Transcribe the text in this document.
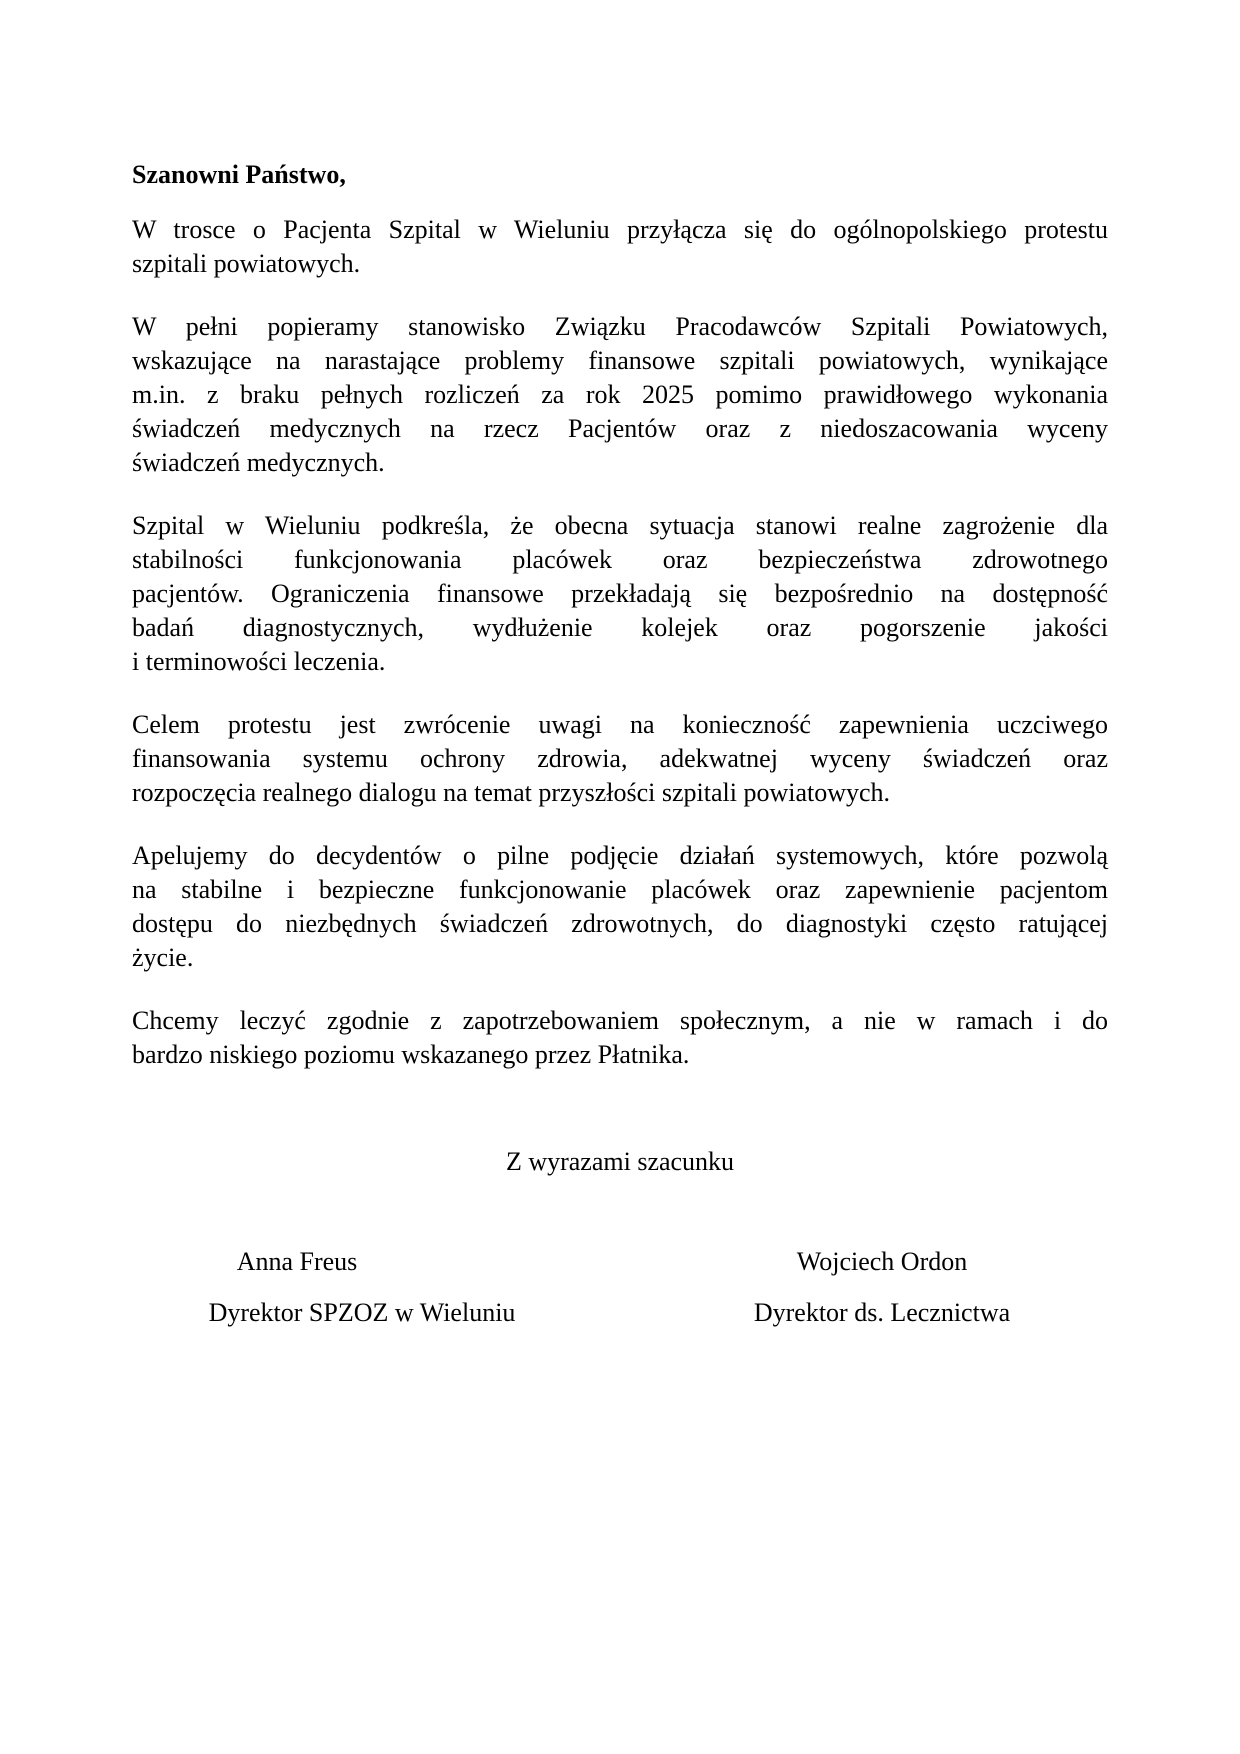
Szanowni Państwo,

W trosce o Pacjenta Szpital w Wieluniu przyłącza się do ogólnopolskiego protestu
szpitali powiatowych.
W pełni popieramy stanowisko Związku Pracodawców Szpitali Powiatowych,
wskazujące na narastające problemy finansowe szpitali powiatowych, wynikające
m.in. z braku pełnych rozliczeń za rok 2025 pomimo prawidłowego wykonania
świadczeń medycznych na rzecz Pacjentów oraz z niedoszacowania wyceny
świadczeń medycznych.
Szpital w Wieluniu podkreśla, że obecna sytuacja stanowi realne zagrożenie dla
stabilności funkcjonowania placówek oraz bezpieczeństwa zdrowotnego
pacjentów. Ograniczenia finansowe przekładają się bezpośrednio na dostępność
badań diagnostycznych, wydłużenie kolejek oraz pogorszenie jakości
i terminowości leczenia.
Celem protestu jest zwrócenie uwagi na konieczność zapewnienia uczciwego
finansowania systemu ochrony zdrowia, adekwatnej wyceny świadczeń oraz
rozpoczęcia realnego dialogu na temat przyszłości szpitali powiatowych.
Apelujemy do decydentów o pilne podjęcie działań systemowych, które pozwolą
na stabilne i bezpieczne funkcjonowanie placówek oraz zapewnienie pacjentom
dostępu do niezbędnych świadczeń zdrowotnych, do diagnostyki często ratującej
życie.
Chcemy leczyć zgodnie z zapotrzebowaniem społecznym, a nie w ramach i do
bardzo niskiego poziomu wskazanego przez Płatnika.

Z wyrazami szacunku

Anna Freus

Dyrektor SPZOZ w Wieluniu

Wojciech Ordon

Dyrektor ds. Lecznictwa
